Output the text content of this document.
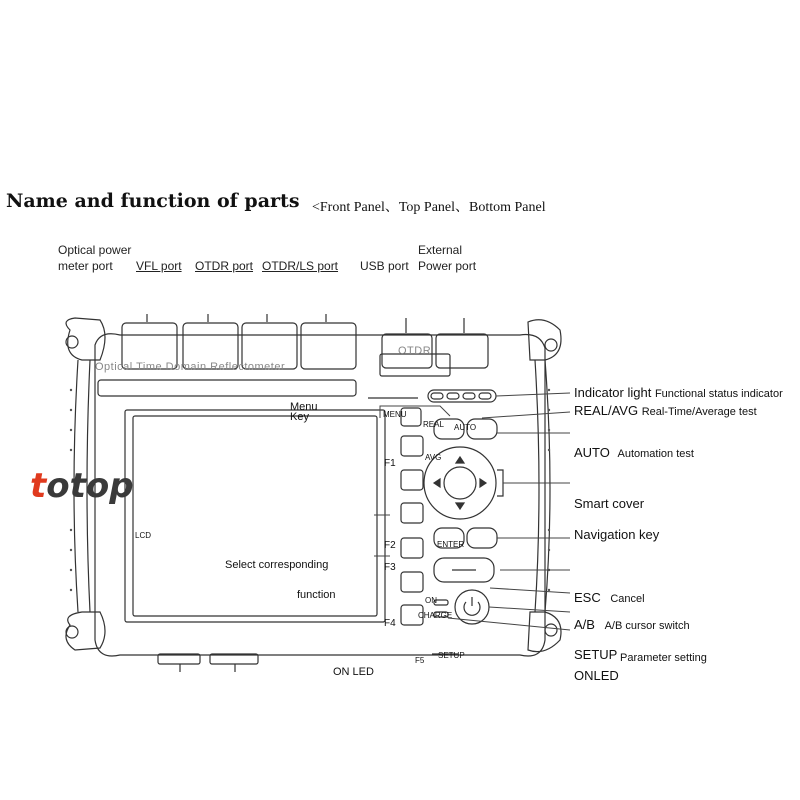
Name and function of parts <Front Panel、Top Panel、Bottom Panel
Optical power
meter port VFL port OTDR port OTDR/LS port USB port
External
Power port
OTDR
Optical Time Domain Reflectometer
Menu
Key
LCD
Select corresponding
function
ON LED
F1
F2
F3
F4
F5
MENU
REAL AUTO
AVG
ENTER
ON
CHARGE
SETUP
Indicator light Functional status indicator
REAL/AVG Real-Time/Average test
AUTO Automation test
Smart cover
Navigation key
ESC Cancel
A/B A/B cursor switch
SETUP Parameter setting
ONLED
totop
